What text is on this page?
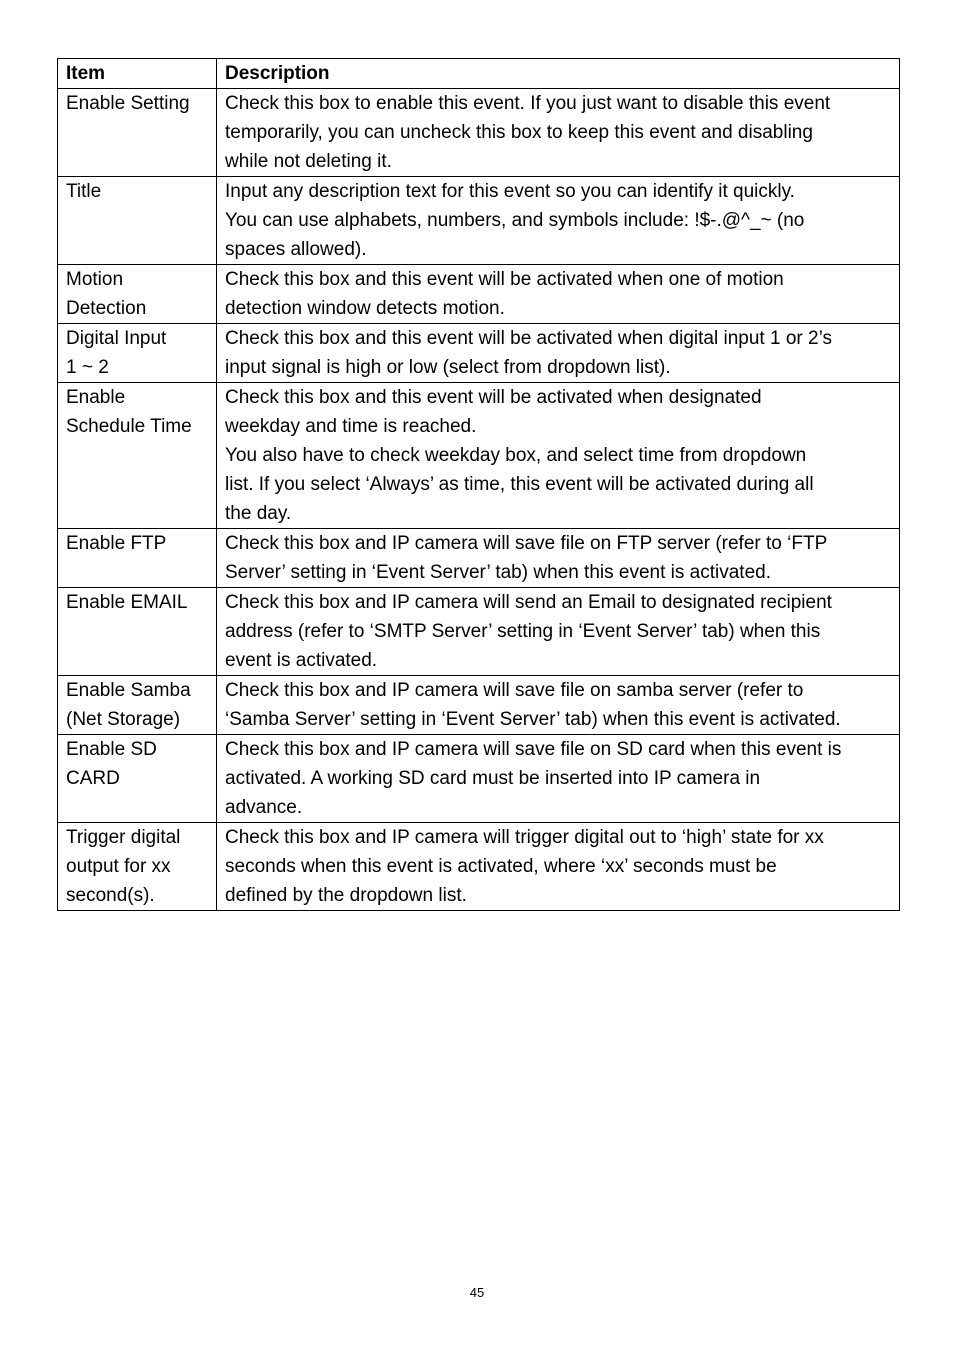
Item	Description

Enable Setting	Check this box to enable this event. If you just want to disable this event
temporarily, you can uncheck this box to keep this event and disabling
while not deleting it.

Title	Input any description text for this event so you can identify it quickly.
You can use alphabets, numbers, and symbols include: !$-.@^_~ (no
spaces allowed).

Motion
Detection	Check this box and this event will be activated when one of motion
detection window detects motion.

Digital Input
1 ~ 2	Check this box and this event will be activated when digital input 1 or 2’s
input signal is high or low (select from dropdown list).

Enable
Schedule Time	Check this box and this event will be activated when designated
weekday and time is reached.
You also have to check weekday box, and select time from dropdown
list. If you select ‘Always’ as time, this event will be activated during all
the day.

Enable FTP	Check this box and IP camera will save file on FTP server (refer to ‘FTP
Server’ setting in ‘Event Server’ tab) when this event is activated.

Enable EMAIL	Check this box and IP camera will send an Email to designated recipient
address (refer to ‘SMTP Server’ setting in ‘Event Server’ tab) when this
event is activated.

Enable Samba
(Net Storage)	Check this box and IP camera will save file on samba server (refer to
‘Samba Server’ setting in ‘Event Server’ tab) when this event is activated.

Enable SD
CARD	Check this box and IP camera will save file on SD card when this event is
activated. A working SD card must be inserted into IP camera in
advance.

Trigger digital
output for xx
second(s).	Check this box and IP camera will trigger digital out to ‘high’ state for xx
seconds when this event is activated, where ‘xx’ seconds must be
defined by the dropdown list.
45
